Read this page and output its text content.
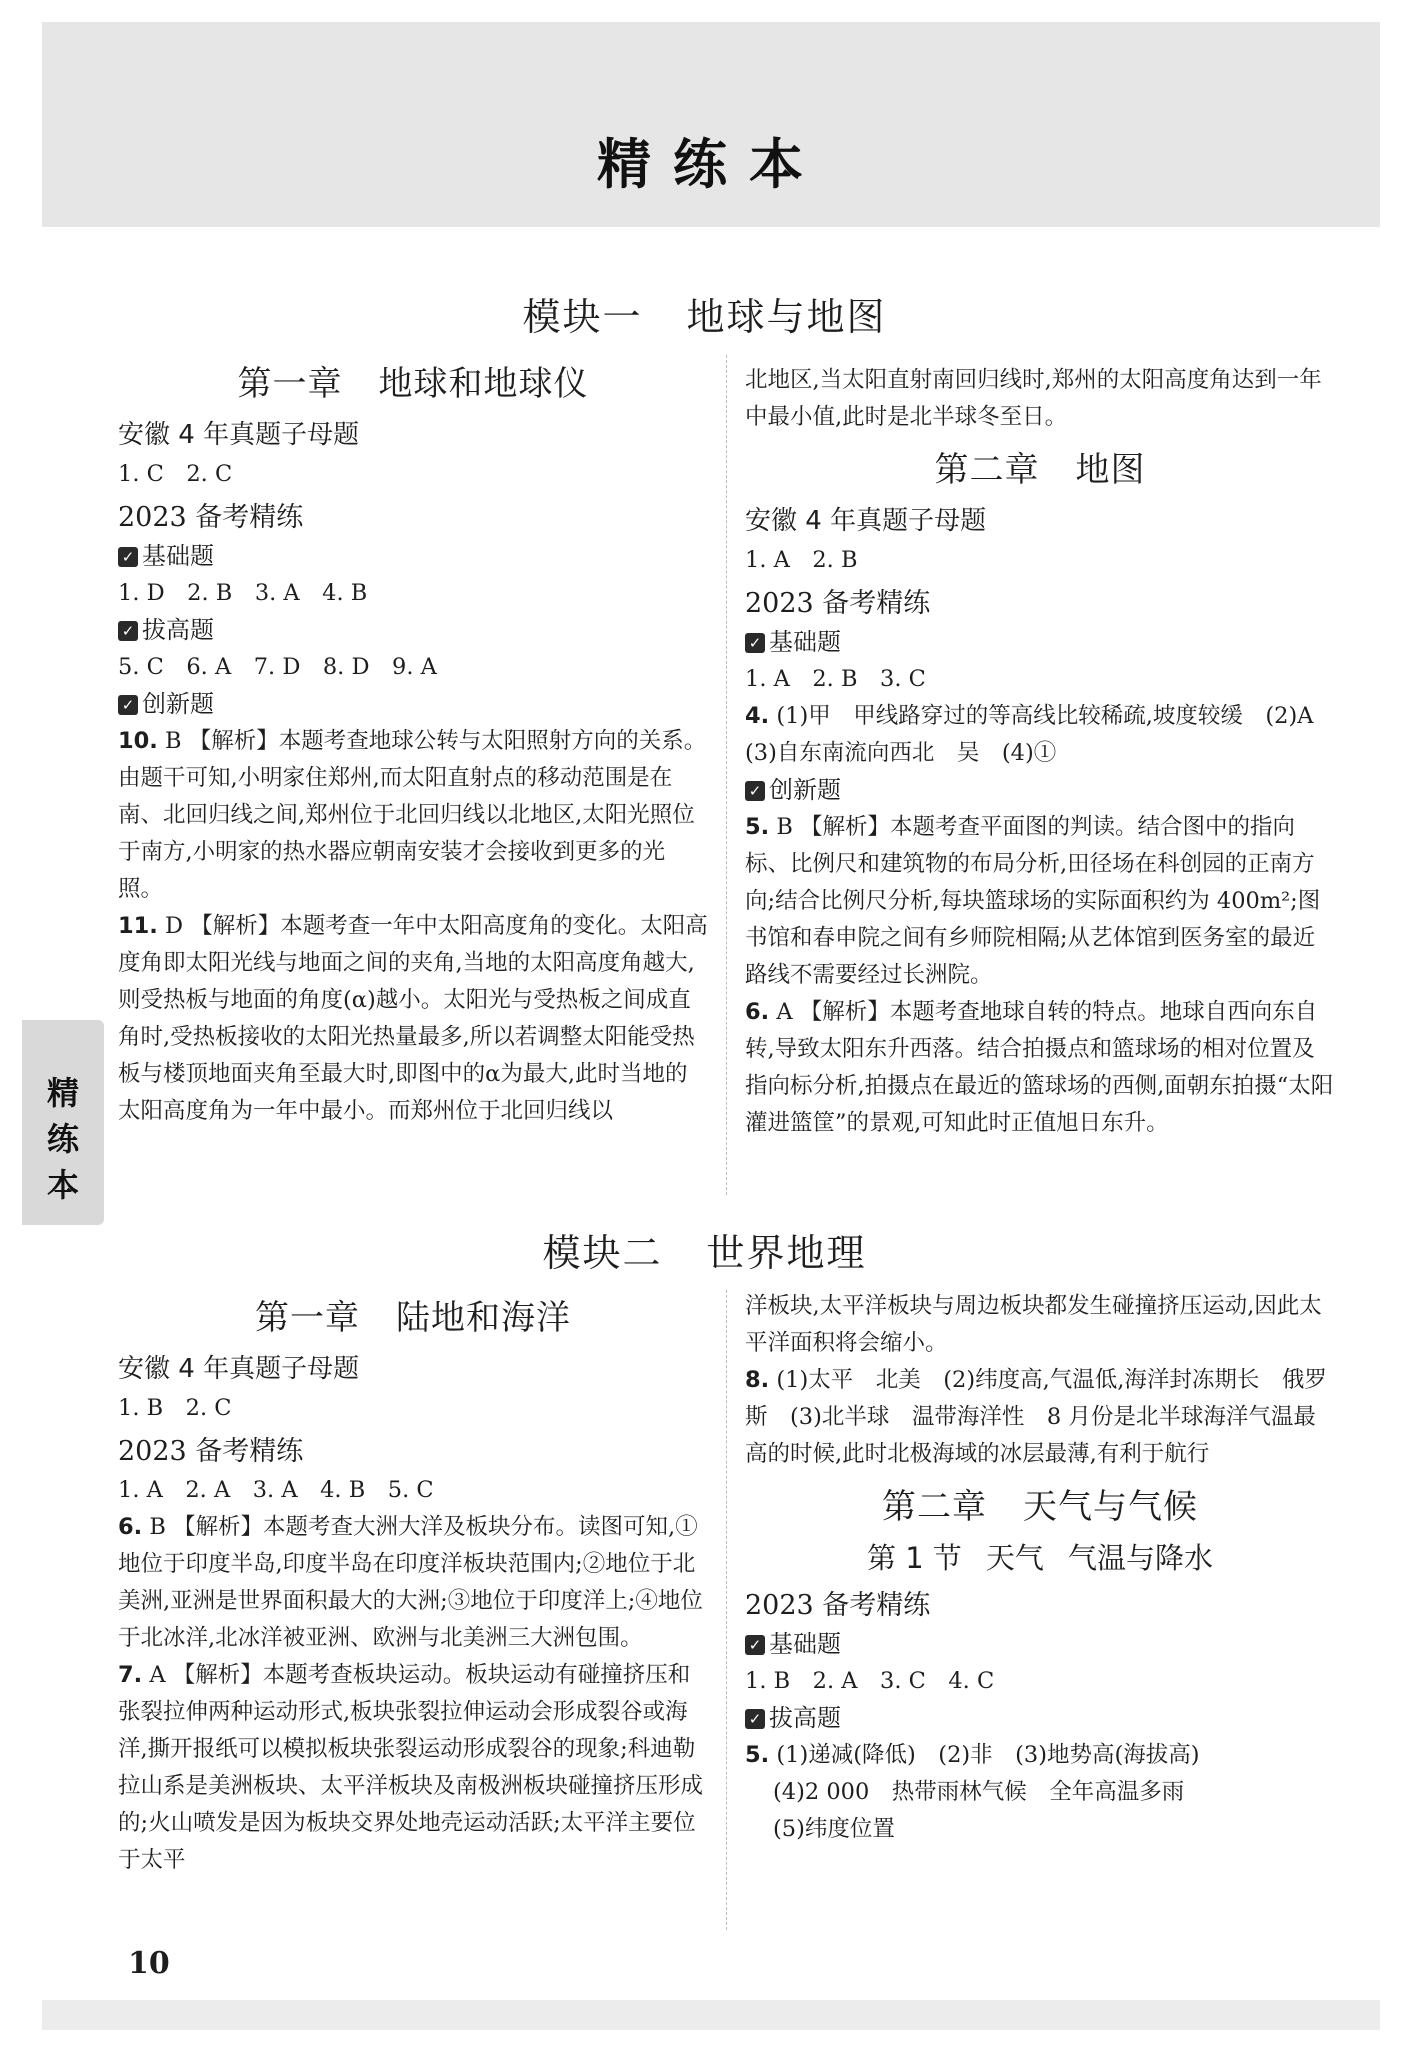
精练本
精练本
模块一 地球与地图
第一章 地球和地球仪
安徽 4 年真题子母题
1. C　2. C
2023 备考精练
✓ 基础题
1. D　2. B　3. A　4. B
✓ 拔高题
5. C　6. A　7. D　8. D　9. A
✓ 创新题
10. B 【解析】本题考查地球公转与太阳照射方向的关系。由题干可知,小明家住郑州,而太阳直射点的移动范围是在南、北回归线之间,郑州位于北回归线以北地区,太阳光照位于南方,小明家的热水器应朝南安装才会接收到更多的光照。
11. D 【解析】本题考查一年中太阳高度角的变化。太阳高度角即太阳光线与地面之间的夹角,当地的太阳高度角越大,则受热板与地面的角度(α)越小。太阳光与受热板之间成直角时,受热板接收的太阳光热量最多,所以若调整太阳能受热板与楼顶地面夹角至最大时,即图中的α为最大,此时当地的太阳高度角为一年中最小。而郑州位于北回归线以
北地区,当太阳直射南回归线时,郑州的太阳高度角达到一年中最小值,此时是北半球冬至日。
第二章 地图
安徽 4 年真题子母题
1. A　2. B
2023 备考精练
✓ 基础题
1. A　2. B　3. C
4. (1)甲　甲线路穿过的等高线比较稀疏,坡度较缓　(2)A　(3)自东南流向西北　吴　(4)①
✓ 创新题
5. B 【解析】本题考查平面图的判读。结合图中的指向标、比例尺和建筑物的布局分析,田径场在科创园的正南方向;结合比例尺分析,每块篮球场的实际面积约为 400m²;图书馆和春申院之间有乡师院相隔;从艺体馆到医务室的最近路线不需要经过长洲院。
6. A 【解析】本题考查地球自转的特点。地球自西向东自转,导致太阳东升西落。结合拍摄点和篮球场的相对位置及指向标分析,拍摄点在最近的篮球场的西侧,面朝东拍摄“太阳灌进篮筐”的景观,可知此时正值旭日东升。
模块二 世界地理
第一章 陆地和海洋
安徽 4 年真题子母题
1. B　2. C
2023 备考精练
1. A　2. A　3. A　4. B　5. C
6. B 【解析】本题考查大洲大洋及板块分布。读图可知,①地位于印度半岛,印度半岛在印度洋板块范围内;②地位于北美洲,亚洲是世界面积最大的大洲;③地位于印度洋上;④地位于北冰洋,北冰洋被亚洲、欧洲与北美洲三大洲包围。
7. A 【解析】本题考查板块运动。板块运动有碰撞挤压和张裂拉伸两种运动形式,板块张裂拉伸运动会形成裂谷或海洋,撕开报纸可以模拟板块张裂运动形成裂谷的现象;科迪勒拉山系是美洲板块、太平洋板块及南极洲板块碰撞挤压形成的;火山喷发是因为板块交界处地壳运动活跃;太平洋主要位于太平
洋板块,太平洋板块与周边板块都发生碰撞挤压运动,因此太平洋面积将会缩小。
8. (1)太平　北美　(2)纬度高,气温低,海洋封冻期长　俄罗斯　(3)北半球　温带海洋性　8 月份是北半球海洋气温最高的时候,此时北极海域的冰层最薄,有利于航行
第二章 天气与气候
第 1 节 天气 气温与降水
2023 备考精练
✓ 基础题
1. B　2. A　3. C　4. C
✓ 拔高题
5. (1)递减(降低)　(2)非　(3)地势高(海拔高)
(4)2 000　热带雨林气候　全年高温多雨
(5)纬度位置
10
